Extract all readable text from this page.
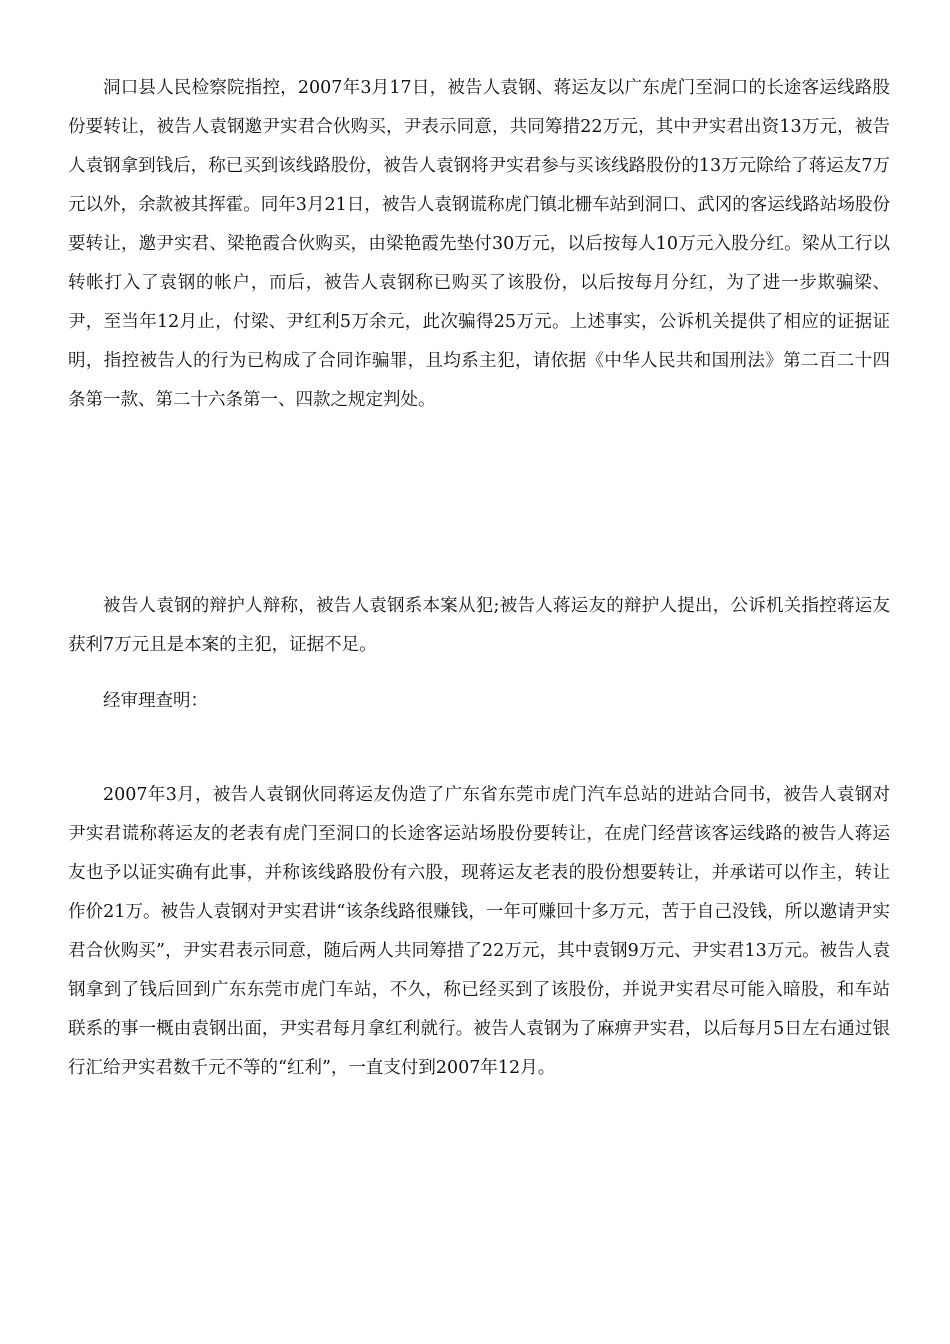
洞口县人民检察院指控，2007年3月17日，被告人袁钢、蒋运友以广东虎门至洞口的长途客运线路股份要转让，被告人袁钢邀尹实君合伙购买，尹表示同意，共同筹措22万元，其中尹实君出资13万元，被告人袁钢拿到钱后，称已买到该线路股份，被告人袁钢将尹实君参与买该线路股份的13万元除给了蒋运友7万元以外，余款被其挥霍。同年3月21日，被告人袁钢谎称虎门镇北栅车站到洞口、武冈的客运线路站场股份要转让，邀尹实君、梁艳霞合伙购买，由梁艳霞先垫付30万元，以后按每人10万元入股分红。梁从工行以转帐打入了袁钢的帐户，而后，被告人袁钢称已购买了该股份，以后按每月分红，为了进一步欺骗梁、尹，至当年12月止，付梁、尹红利5万余元，此次骗得25万元。上述事实，公诉机关提供了相应的证据证明，指控被告人的行为已构成了合同诈骗罪，且均系主犯，请依据《中华人民共和国刑法》第二百二十四条第一款、第二十六条第一、四款之规定判处。

被告人袁钢的辩护人辩称，被告人袁钢系本案从犯;被告人蒋运友的辩护人提出，公诉机关指控蒋运友获利7万元且是本案的主犯，证据不足。

经审理查明：

2007年3月，被告人袁钢伙同蒋运友伪造了广东省东莞市虎门汽车总站的进站合同书，被告人袁钢对尹实君谎称蒋运友的老表有虎门至洞口的长途客运站场股份要转让，在虎门经营该客运线路的被告人蒋运友也予以证实确有此事，并称该线路股份有六股，现蒋运友老表的股份想要转让，并承诺可以作主，转让作价21万。被告人袁钢对尹实君讲“该条线路很赚钱，一年可赚回十多万元，苦于自己没钱，所以邀请尹实君合伙购买”，尹实君表示同意，随后两人共同筹措了22万元，其中袁钢9万元、尹实君13万元。被告人袁钢拿到了钱后回到广东东莞市虎门车站，不久，称已经买到了该股份，并说尹实君尽可能入暗股，和车站联系的事一概由袁钢出面，尹实君每月拿红利就行。被告人袁钢为了麻痹尹实君，以后每月5日左右通过银行汇给尹实君数千元不等的“红利”，一直支付到2007年12月。
